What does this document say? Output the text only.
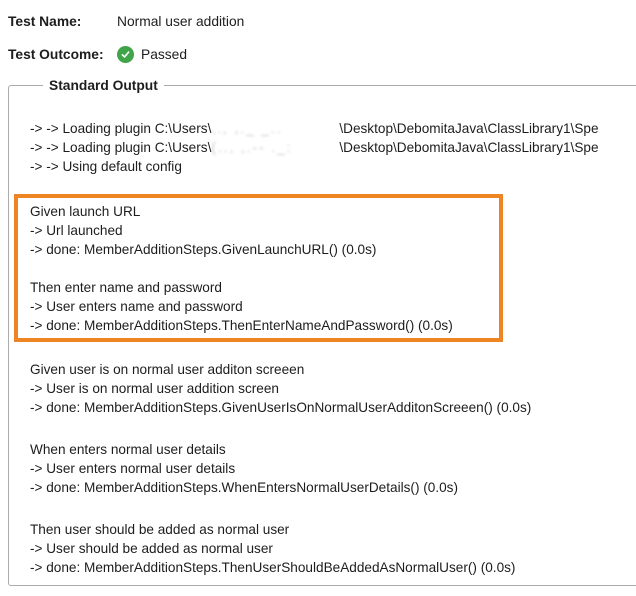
Test Name:	Normal user addition
Test Outcome:	Passed
Standard Output
-> -> Loading plugin C:\Users\.., ,._ _..	\Desktop\DebomitaJava\ClassLibrary1\Spe
-> -> Loading plugin C:\Users\(.., ,.-- ._:	\Desktop\DebomitaJava\ClassLibrary1\Spe
-> -> Using default config
Given launch URL
-> Url launched
-> done: MemberAdditionSteps.GivenLaunchURL() (0.0s)
Then enter name and password
-> User enters name and password
-> done: MemberAdditionSteps.ThenEnterNameAndPassword() (0.0s)
Given user is on normal user additon screeen
-> User is on normal user addition screen
-> done: MemberAdditionSteps.GivenUserIsOnNormalUserAdditonScreeen() (0.0s)
When enters normal user details
-> User enters normal user details
-> done: MemberAdditionSteps.WhenEntersNormalUserDetails() (0.0s)
Then user should be added as normal user
-> User should be added as normal user
-> done: MemberAdditionSteps.ThenUserShouldBeAddedAsNormalUser() (0.0s)
